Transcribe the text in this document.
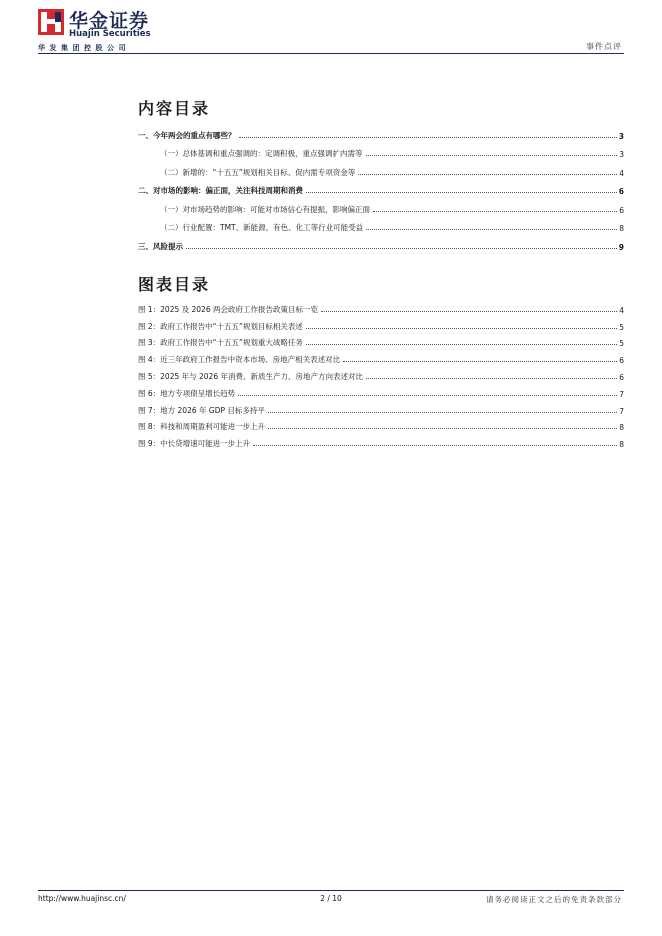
华金证券
Huajin Securities
华发集团控股公司	事件点评
内容目录
一、今年两会的重点有哪些？	3
（一）总体基调和重点强调的：定调积极，重点强调扩内需等	3
（二）新增的：“十五五”规划相关目标、促内需专项资金等	4
二、对市场的影响：偏正面，关注科技周期和消费	6
（一）对市场趋势的影响：可能对市场信心有提振，影响偏正面	6
（二）行业配置：TMT、新能源、有色、化工等行业可能受益	8
三、风险提示	9
图表目录
图 1：2025 及 2026 两会政府工作报告政策目标一览	4
图 2：政府工作报告中“十五五”规划目标相关表述	5
图 3：政府工作报告中“十五五”规划重大战略任务	5
图 4：近三年政府工作报告中资本市场、房地产相关表述对比	6
图 5：2025 年与 2026 年消费、新质生产力、房地产方向表述对比	6
图 6：地方专项债呈增长趋势	7
图 7：地方 2026 年 GDP 目标多持平	7
图 8：科技和周期盈利可能进一步上升	8
图 9：中长贷增速可能进一步上升	8
http://www.huajinsc.cn/	2 / 10	请务必阅读正文之后的免责条款部分
